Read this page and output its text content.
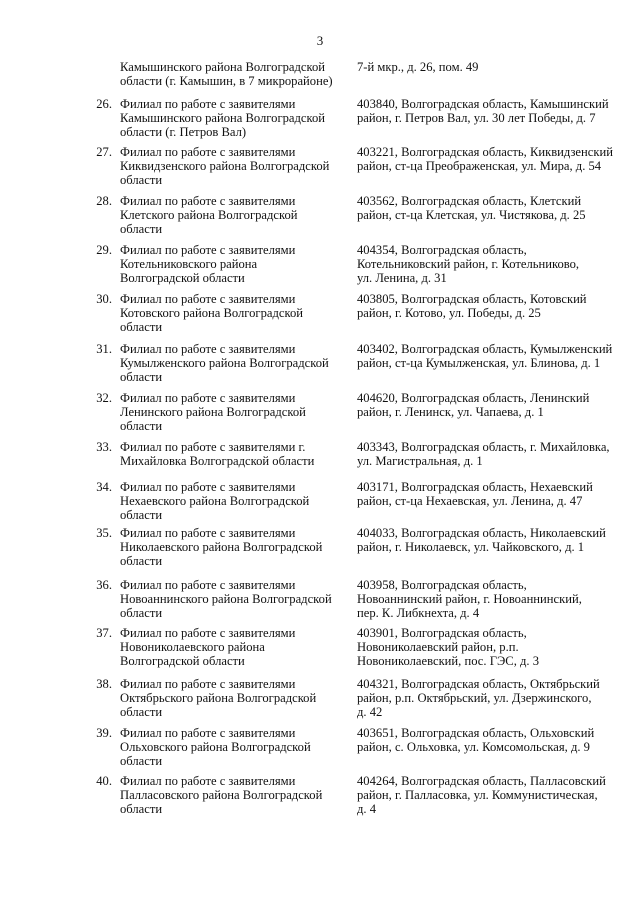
3
Камышинского района Волгоградской
области (г. Камышин, в 7 микрорайоне)
7-й мкр., д. 26, пом. 49
26. Филиал по работе с заявителями
Камышинского района Волгоградской
области (г. Петров Вал)
403840, Волгоградская область, Камышинский
район, г. Петров Вал, ул. 30 лет Победы, д. 7
27. Филиал по работе с заявителями
Киквидзенского района Волгоградской
области
403221, Волгоградская область, Киквидзенский
район, ст-ца Преображенская, ул. Мира, д. 54
28. Филиал по работе с заявителями
Клетского района Волгоградской
области
403562, Волгоградская область, Клетский
район, ст-ца Клетская, ул. Чистякова, д. 25
29. Филиал по работе с заявителями
Котельниковского района
Волгоградской области
404354, Волгоградская область,
Котельниковский район, г. Котельниково,
ул. Ленина, д. 31
30. Филиал по работе с заявителями
Котовского района Волгоградской
области
403805, Волгоградская область, Котовский
район, г. Котово, ул. Победы, д. 25
31. Филиал по работе с заявителями
Кумылженского района Волгоградской
области
403402, Волгоградская область, Кумылженский
район, ст-ца Кумылженская, ул. Блинова, д. 1
32. Филиал по работе с заявителями
Ленинского района Волгоградской
области
404620, Волгоградская область, Ленинский
район, г. Ленинск, ул. Чапаева, д. 1
33. Филиал по работе с заявителями г.
Михайловка Волгоградской области
403343, Волгоградская область, г. Михайловка,
ул. Магистральная, д. 1
34. Филиал по работе с заявителями
Нехаевского района Волгоградской
области
403171, Волгоградская область, Нехаевский
район, ст-ца Нехаевская, ул. Ленина, д. 47
35. Филиал по работе с заявителями
Николаевского района Волгоградской
области
404033, Волгоградская область, Николаевский
район, г. Николаевск, ул. Чайковского, д. 1
36. Филиал по работе с заявителями
Новоаннинского района Волгоградской
области
403958, Волгоградская область,
Новоаннинский район, г. Новоаннинский,
пер. К. Либкнехта, д. 4
37. Филиал по работе с заявителями
Новониколаевского района
Волгоградской области
403901, Волгоградская область,
Новониколаевский район, р.п.
Новониколаевский, пос. ГЭС, д. 3
38. Филиал по работе с заявителями
Октябрьского района Волгоградской
области
404321, Волгоградская область, Октябрьский
район, р.п. Октябрьский, ул. Дзержинского,
д. 42
39. Филиал по работе с заявителями
Ольховского района Волгоградской
области
403651, Волгоградская область, Ольховский
район, с. Ольховка, ул. Комсомольская, д. 9
40. Филиал по работе с заявителями
Палласовского района Волгоградской
области
404264, Волгоградская область, Палласовский
район, г. Палласовка, ул. Коммунистическая,
д. 4
